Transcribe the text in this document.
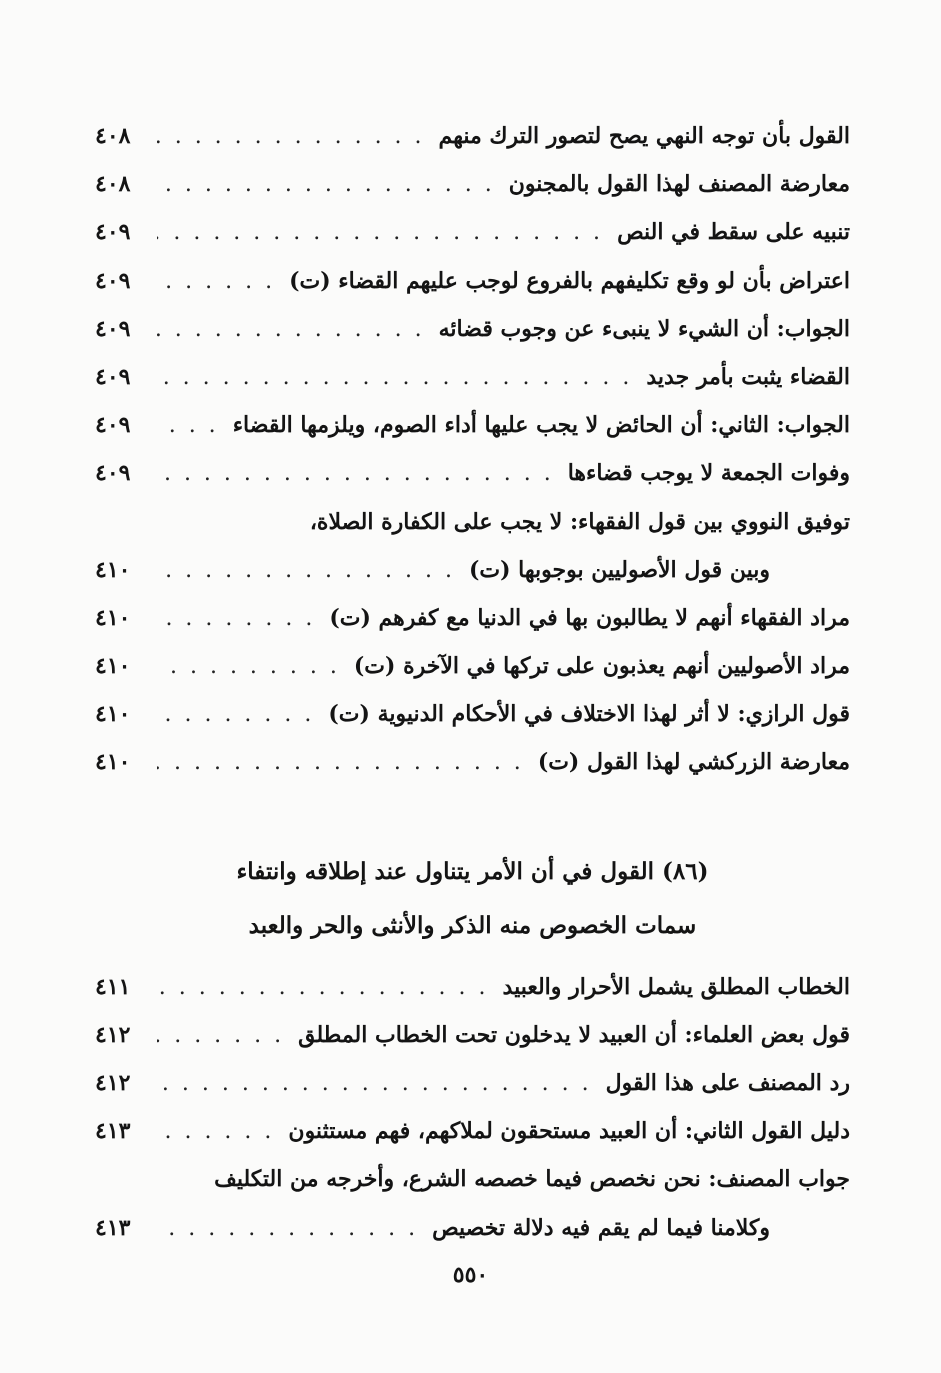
القول بأن توجه النهي يصح لتصور الترك منهم
. . .
٤٠٨
معارضة المصنف لهذا القول بالمجنون
. . .
٤٠٨
تنبيه على سقط في النص
. . .
٤٠٩
اعتراض بأن لو وقع تكليفهم بالفروع لوجب عليهم القضاء (ت)
. . .
٤٠٩
الجواب: أن الشيء لا ينبىء عن وجوب قضائه
. . .
٤٠٩
القضاء يثبت بأمر جديد
. . .
٤٠٩
الجواب: الثاني: أن الحائض لا يجب عليها أداء الصوم، ويلزمها القضاء
. . .
٤٠٩
وفوات الجمعة لا يوجب قضاءها
. . .
٤٠٩
توفيق النووي بين قول الفقهاء: لا يجب على الكفارة الصلاة،
وبين قول الأصوليين بوجوبها (ت)
. . .
٤١٠
مراد الفقهاء أنهم لا يطالبون بها في الدنيا مع كفرهم (ت)
. . .
٤١٠
مراد الأصوليين أنهم يعذبون على تركها في الآخرة (ت)
. . .
٤١٠
قول الرازي: لا أثر لهذا الاختلاف في الأحكام الدنيوية (ت)
. . .
٤١٠
معارضة الزركشي لهذا القول (ت)
. . .
٤١٠
(٨٦) القول في أن الأمر يتناول عند إطلاقه وانتفاء
سمات الخصوص منه الذكر والأنثى والحر والعبد
الخطاب المطلق يشمل الأحرار والعبيد
. . .
٤١١
قول بعض العلماء: أن العبيد لا يدخلون تحت الخطاب المطلق
. . .
٤١٢
رد المصنف على هذا القول
. . .
٤١٢
دليل القول الثاني: أن العبيد مستحقون لملاكهم، فهم مستثنون
. . .
٤١٣
جواب المصنف: نحن نخصص فيما خصصه الشرع، وأخرجه من التكليف
وكلامنا فيما لم يقم فيه دلالة تخصيص
. . .
٤١٣
٥٥٠
